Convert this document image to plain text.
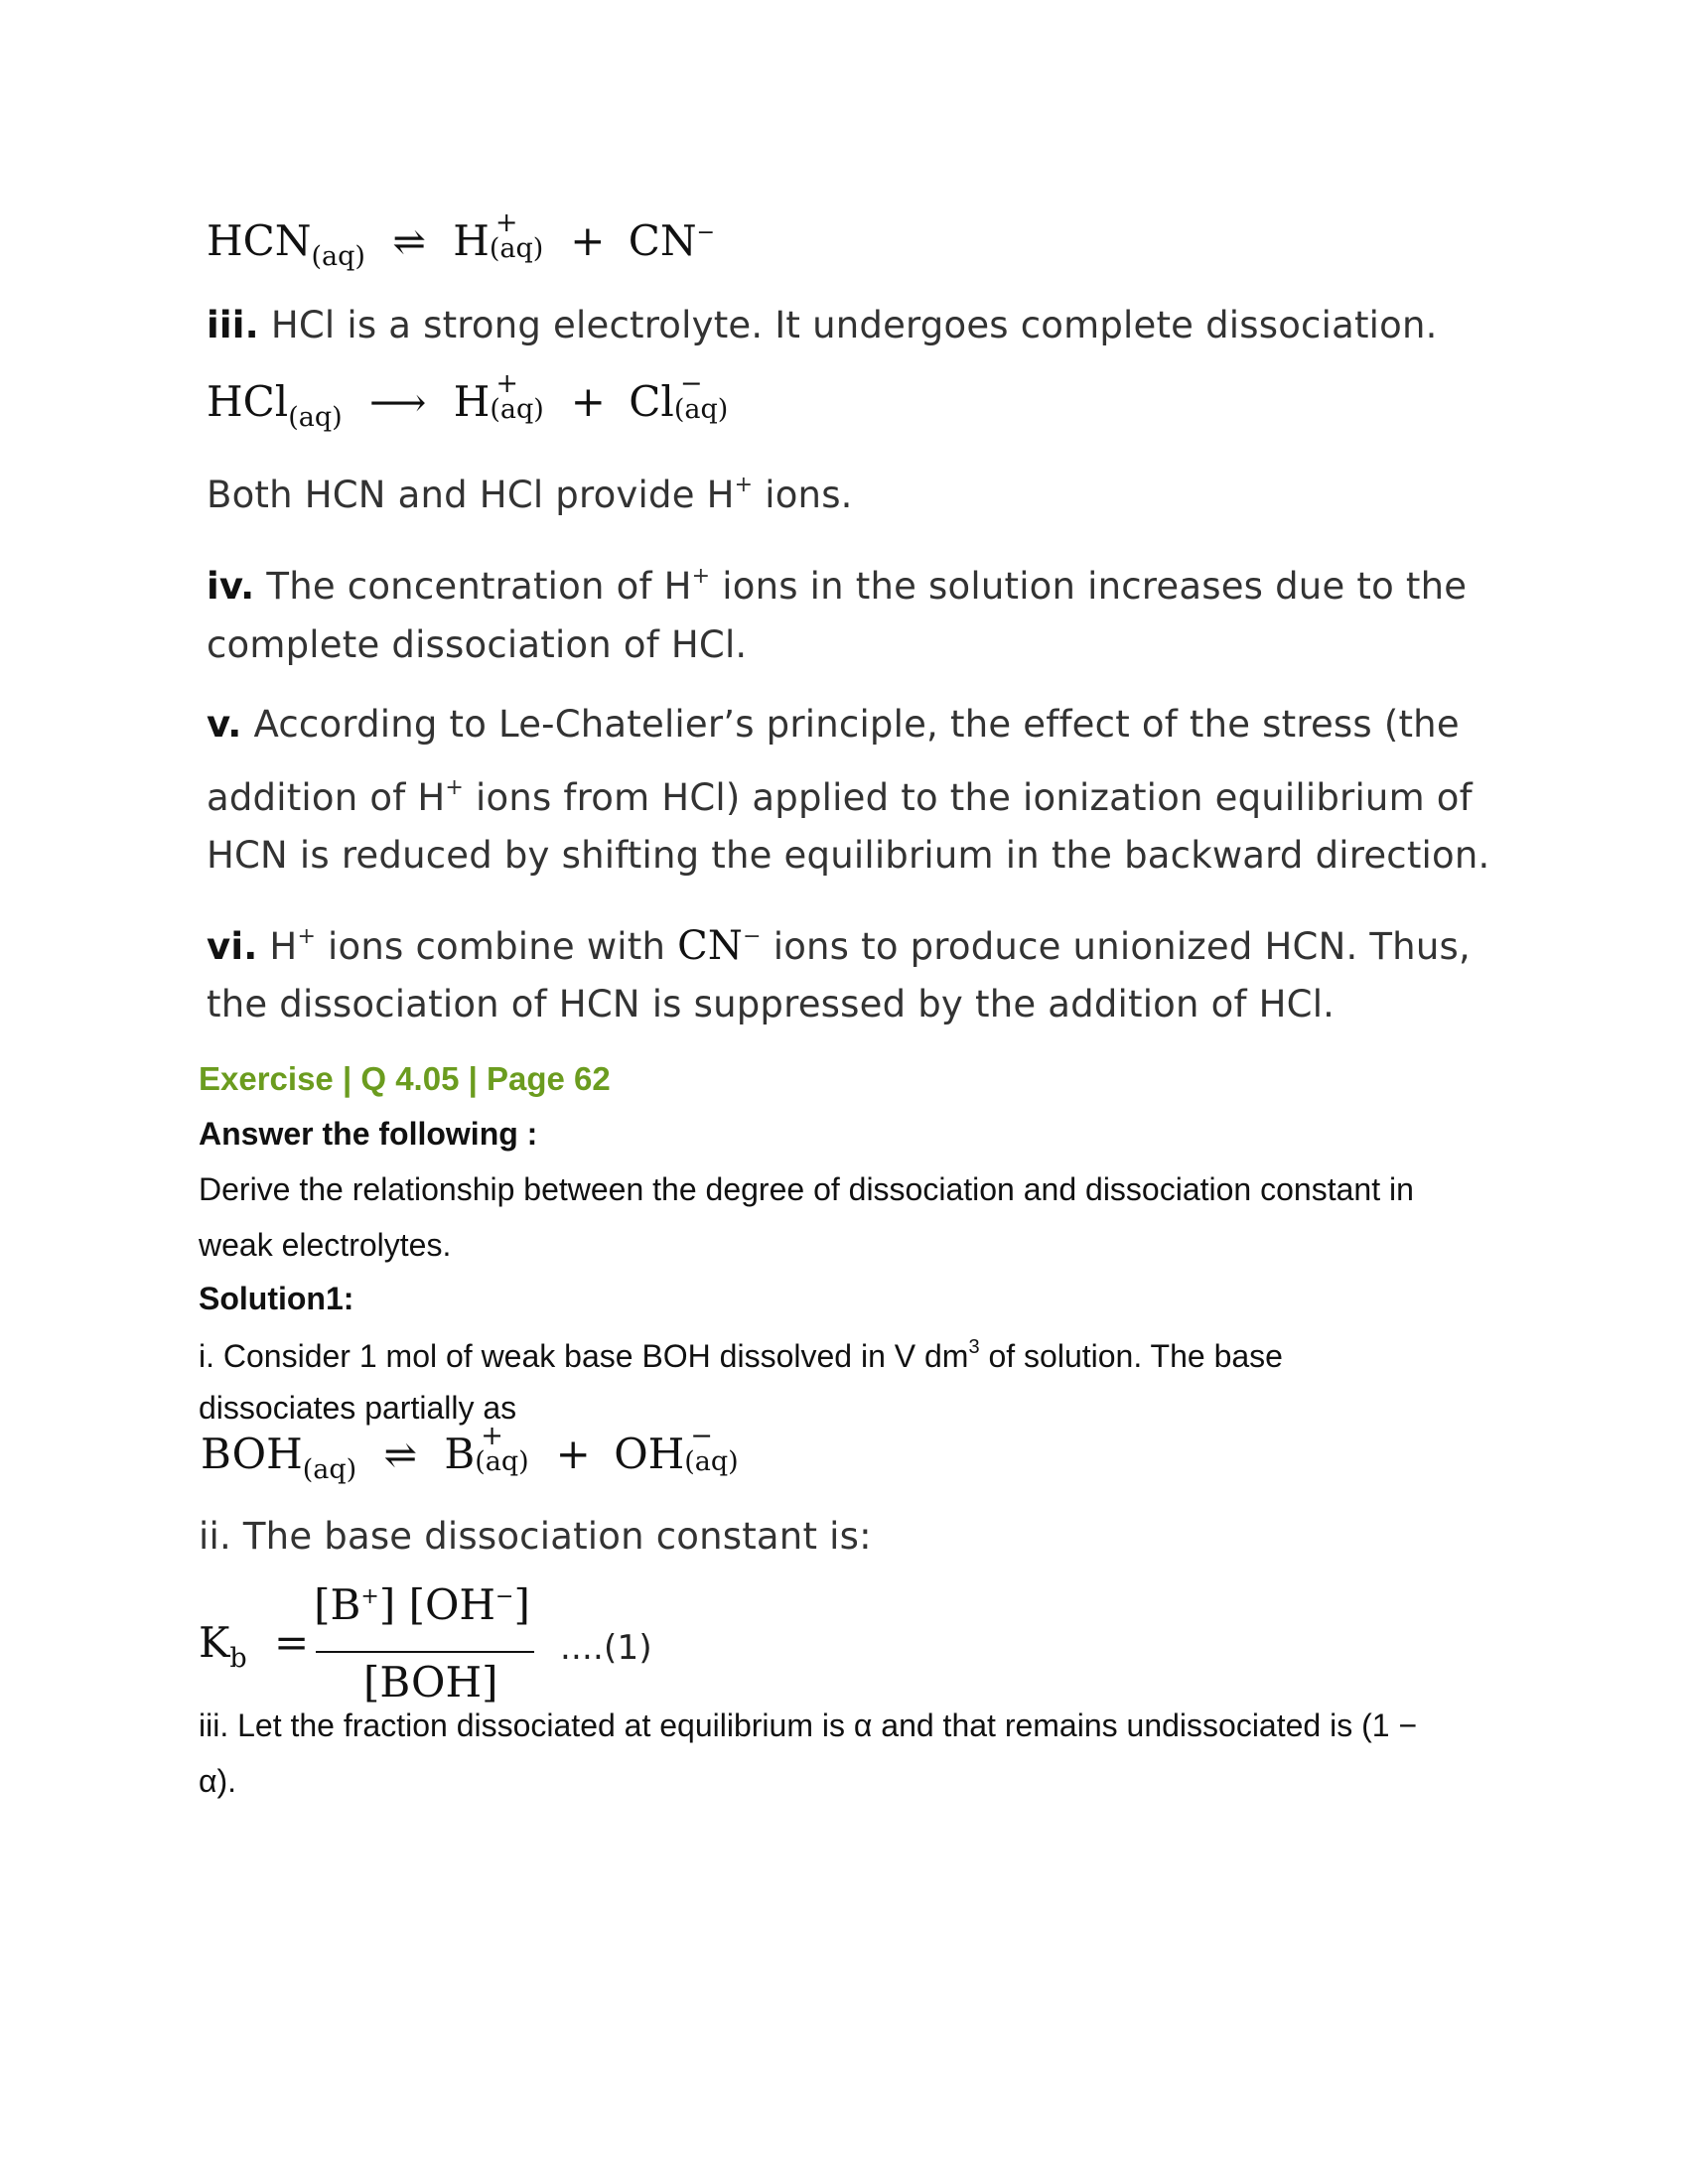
$HCN_{(aq)}$ ⇌ H +
(aq) + CN−
iii. HCl is a strong electrolyte. It undergoes complete dissociation.
HCl$_{(aq)}$ ⟶ H +
(aq) + Cl −
(aq)
Both HCN and HCl provide H+ ions.
iv. The concentration of H+ ions in the solution increases due to the
complete dissociation of HCl.
v. According to Le-Chatelier’s principle, the effect of the stress (the
addition of H+ ions from HCl) applied to the ionization equilibrium of
HCN is reduced by shifting the equilibrium in the backward direction.
vi. H+ ions combine with CN− ions to produce unionized HCN. Thus,
the dissociation of HCN is suppressed by the addition of HCl.
Exercise | Q 4.05 | Page 62
Answer the following :
Derive the relationship between the degree of dissociation and dissociation constant in
weak electrolytes.
Solution1:
i. Consider 1 mol of weak base BOH dissolved in V $dm^3$ of solution. The base
dissociates partially as
$BOH_{(aq)}$ ⇌ B +
(aq) + OH −
(aq)
ii. The base dissociation constant is:
$K_b$ =
[B+] [OH−]
[BOH]
....(1)
iii. Let the fraction dissociated at equilibrium is α and that remains undissociated is (1 −
α).
